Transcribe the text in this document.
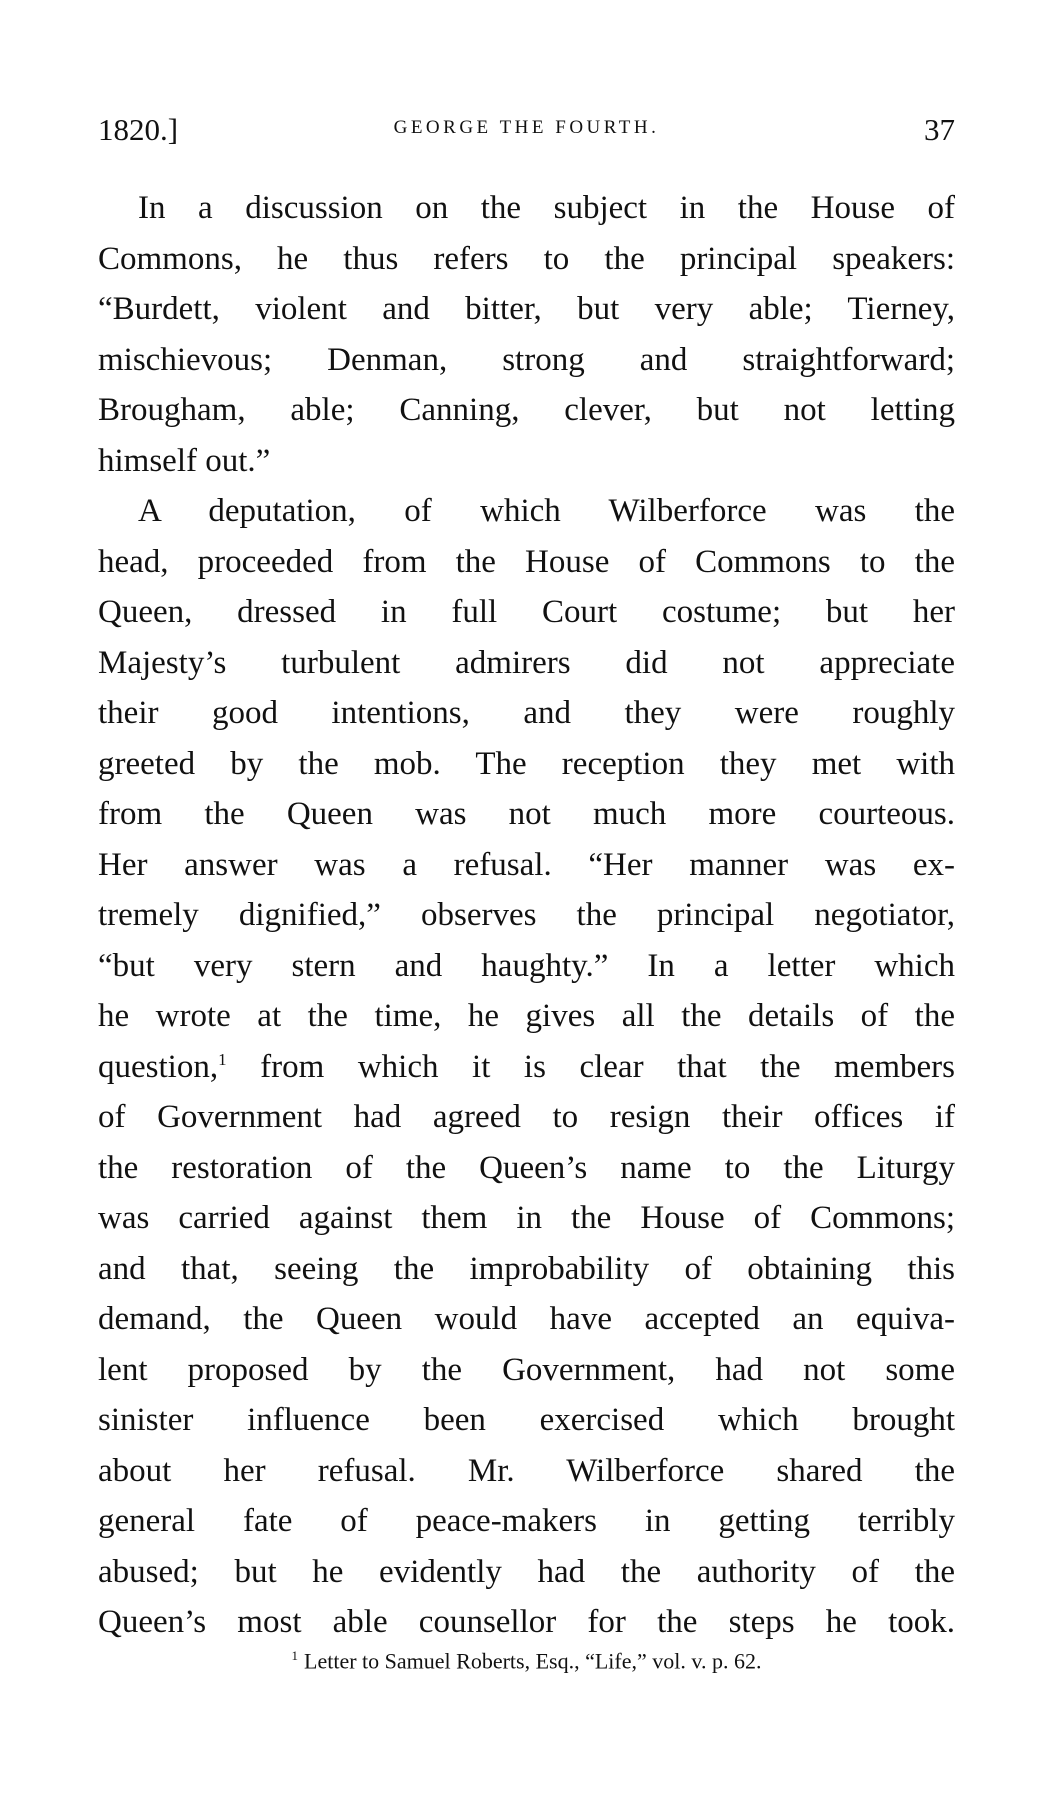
1820.]	GEORGE THE FOURTH.	37
In a discussion on the subject in the House of
Commons, he thus refers to the principal speakers:
“Burdett, violent and bitter, but very able; Tierney,
mischievous; Denman, strong and straightforward;
Brougham, able; Canning, clever, but not letting
himself out.”
A deputation, of which Wilberforce was the
head, proceeded from the House of Commons to the
Queen, dressed in full Court costume; but her
Majesty’s turbulent admirers did not appreciate
their good intentions, and they were roughly
greeted by the mob. The reception they met with
from the Queen was not much more courteous.
Her answer was a refusal. “Her manner was ex-
tremely dignified,” observes the principal negotiator,
“but very stern and haughty.” In a letter which
he wrote at the time, he gives all the details of the
question,$^1$ from which it is clear that the members
of Government had agreed to resign their offices if
the restoration of the Queen’s name to the Liturgy
was carried against them in the House of Commons;
and that, seeing the improbability of obtaining this
demand, the Queen would have accepted an equiva-
lent proposed by the Government, had not some
sinister influence been exercised which brought
about her refusal. Mr. Wilberforce shared the
general fate of peace-makers in getting terribly
abused; but he evidently had the authority of the
Queen’s most able counsellor for the steps he took.
$^1$ Letter to Samuel Roberts, Esq., “Life,” vol. v. p. 62.
